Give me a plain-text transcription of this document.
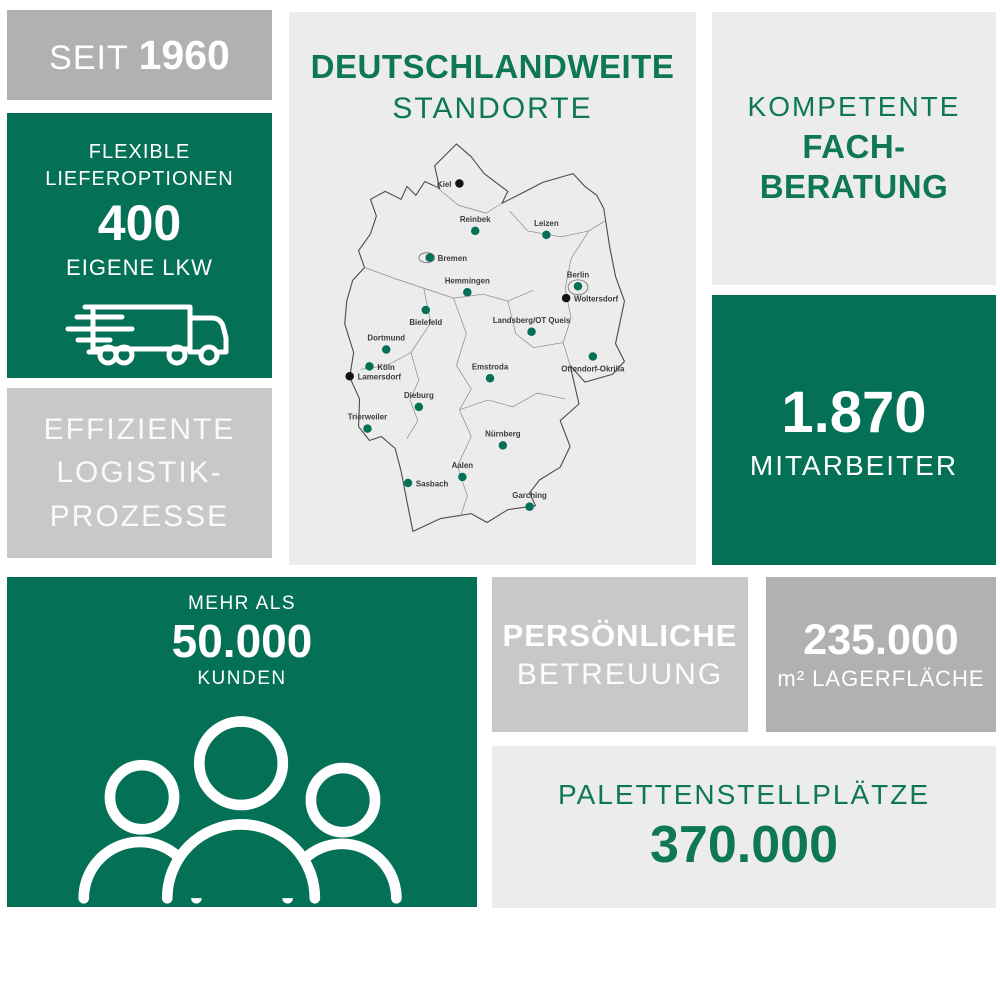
SEIT 1960
FLEXIBLE
LIEFEROPTIONEN
400
EIGENE LKW
EFFIZIENTE
LOGISTIK-
PROZESSE
DEUTSCHLANDWEITE
STANDORTE
Kiel
Reinbek	Leizen
Bremen
Hemmingen
Berlin
Woltersdorf
Bielefeld	Landsberg/OT Queis
Dortmund
Ottendorf-Okrilla
Köln
Lamersdorf
Emstroda
Dieburg
Trierweiler
Nürnberg
Aalen
Sasbach
Garching
KOMPETENTE
FACH-
BERATUNG
1.870
MITARBEITER
MEHR ALS
50.000
KUNDEN
PERSÖNLICHE
BETREUUNG
235.000
m² LAGERFLÄCHE
PALETTENSTELLPLÄTZE
370.000
